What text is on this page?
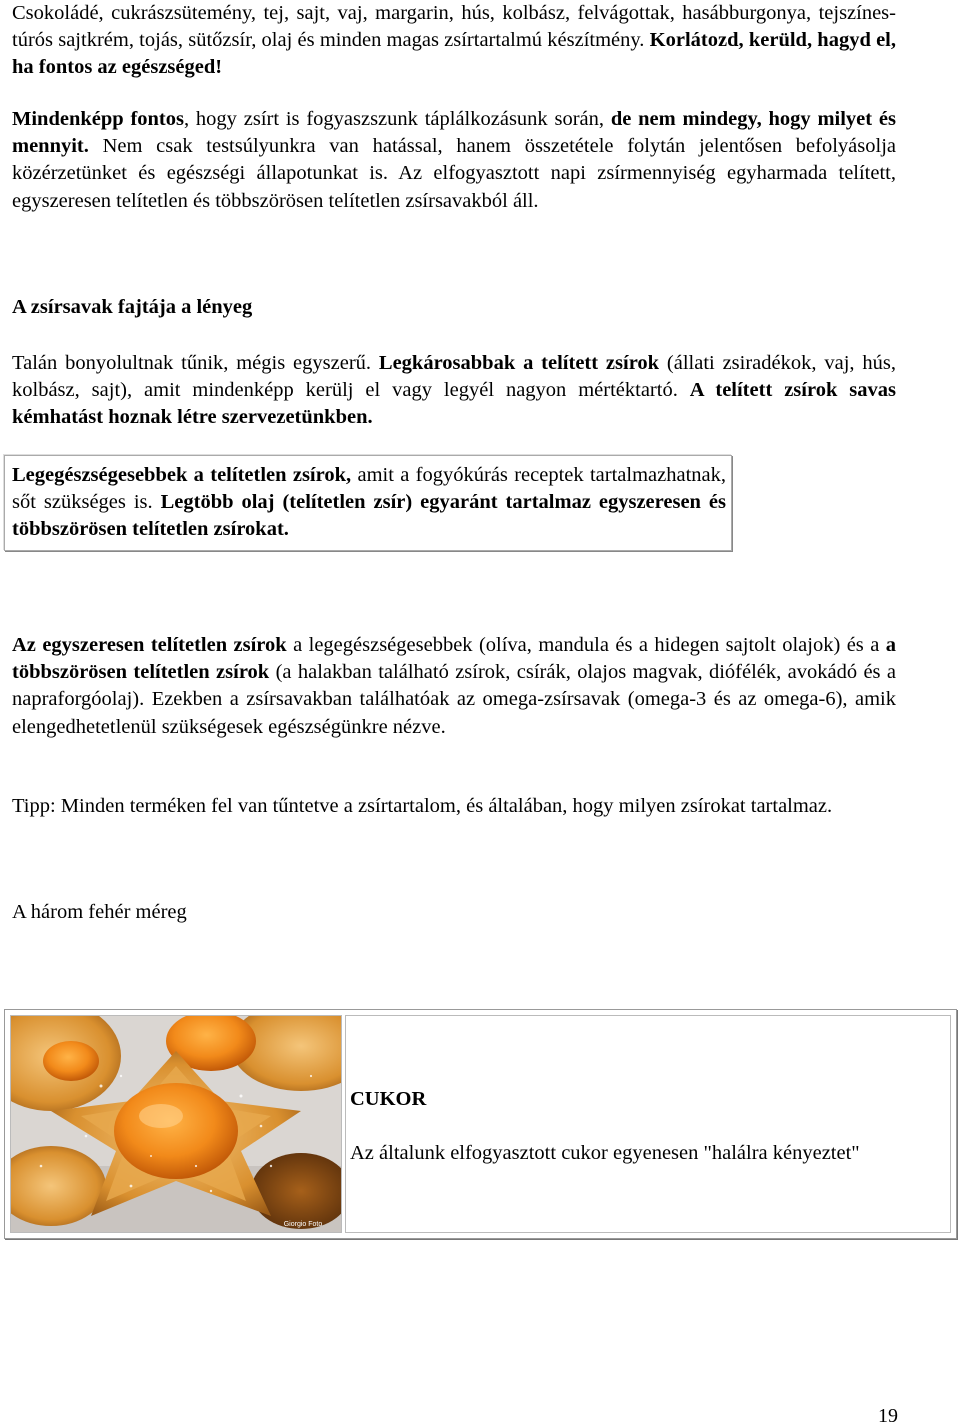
Csokoládé, cukrászsütemény, tej, sajt, vaj, margarin, hús, kolbász, felvágottak, hasábburgonya, tejszínes-túrós sajtkrém, tojás, sütőzsír, olaj és minden magas zsírtartalmú készítmény. Korlátozd, kerüld, hagyd el, ha fontos az egészséged!

Mindenképp fontos, hogy zsírt is fogyaszszunk táplálkozásunk során, de nem mindegy, hogy milyet és mennyit. Nem csak testsúlyunkra van hatással, hanem összetétele folytán jelentősen befolyásolja közérzetünket és egészségi állapotunkat is. Az elfogyasztott napi zsírmennyiség egyharmada telített, egyszeresen telítetlen és többszörösen telítetlen zsírsavakból áll.

A zsírsavak fajtája a lényeg

Talán bonyolultnak tűnik, mégis egyszerű. Legkárosabbak a telített zsírok (állati zsiradékok, vaj, hús, kolbász, sajt), amit mindenképp kerülj el vagy legyél nagyon mértéktartó. A telített zsírok savas kémhatást hoznak létre szervezetünkben.

Legegészségesebbek a telítetlen zsírok, amit a fogyókúrás receptek tartalmazhatnak, sőt szükséges is. Legtöbb olaj (telítetlen zsír) egyaránt tartalmaz egyszeresen és többszörösen telítetlen zsírokat.

Az egyszeresen telítetlen zsírok a legegészségesebbek (olíva, mandula és a hidegen sajtolt olajok) és a a többszörösen telítetlen zsírok (a halakban található zsírok, csírák, olajos magvak, diófélék, avokádó és a napraforgóolaj). Ezekben a zsírsavakban találhatóak az omega-zsírsavak (omega-3 és az omega-6), amik elengedhetetlenül szükségesek egészségünkre nézve.

Tipp: Minden terméken fel van tűntetve a zsírtartalom, és általában, hogy milyen zsírokat tartalmaz.

A három fehér méreg

Giorgio Foto

CUKOR

Az általunk elfogyasztott cukor egyenesen "halálra kényeztet"

19
